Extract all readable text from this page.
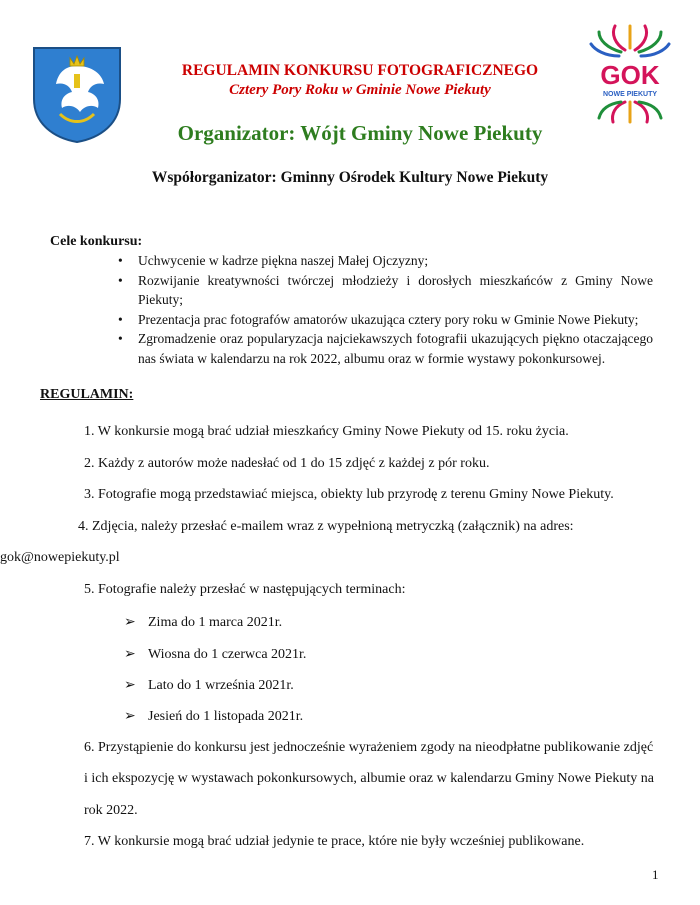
GOK
NOWE PIEKUTY
REGULAMIN KONKURSU FOTOGRAFICZNEGO
Cztery Pory Roku w Gminie Nowe Piekuty
Organizator: Wójt Gminy Nowe Piekuty
Współorganizator: Gminny Ośrodek Kultury Nowe Piekuty
Cele konkursu:
• Uchwycenie w kadrze piękna naszej Małej Ojczyzny;
• Rozwijanie kreatywności twórczej młodzieży i dorosłych mieszkańców z Gminy Nowe Piekuty;
• Prezentacja prac fotografów amatorów ukazująca cztery pory roku w Gminie Nowe Piekuty;
• Zgromadzenie oraz popularyzacja najciekawszych fotografii ukazujących piękno otaczającego nas świata w kalendarzu na rok 2022, albumu oraz w formie wystawy pokonkursowej.
REGULAMIN:
1. W konkursie mogą brać udział mieszkańcy Gminy Nowe Piekuty od 15. roku życia.
2. Każdy z autorów może nadesłać od 1 do 15 zdjęć z każdej z pór roku.
3. Fotografie mogą przedstawiać miejsca, obiekty lub przyrodę z terenu Gminy Nowe Piekuty.
4. Zdjęcia, należy przesłać e-mailem wraz z wypełnioną metryczką (załącznik) na adres:
gok@nowepiekuty.pl
5. Fotografie należy przesłać w następujących terminach:
➢ Zima do 1 marca 2021r.
➢ Wiosna do 1 czerwca 2021r.
➢ Lato do 1 września 2021r.
➢ Jesień do 1 listopada 2021r.
6. Przystąpienie do konkursu jest jednocześnie wyrażeniem zgody na nieodpłatne publikowanie zdjęć
i ich ekspozycję w wystawach pokonkursowych, albumie oraz w kalendarzu Gminy Nowe Piekuty na
rok 2022.
7. W konkursie mogą brać udział jedynie te prace, które nie były wcześniej publikowane.
1
